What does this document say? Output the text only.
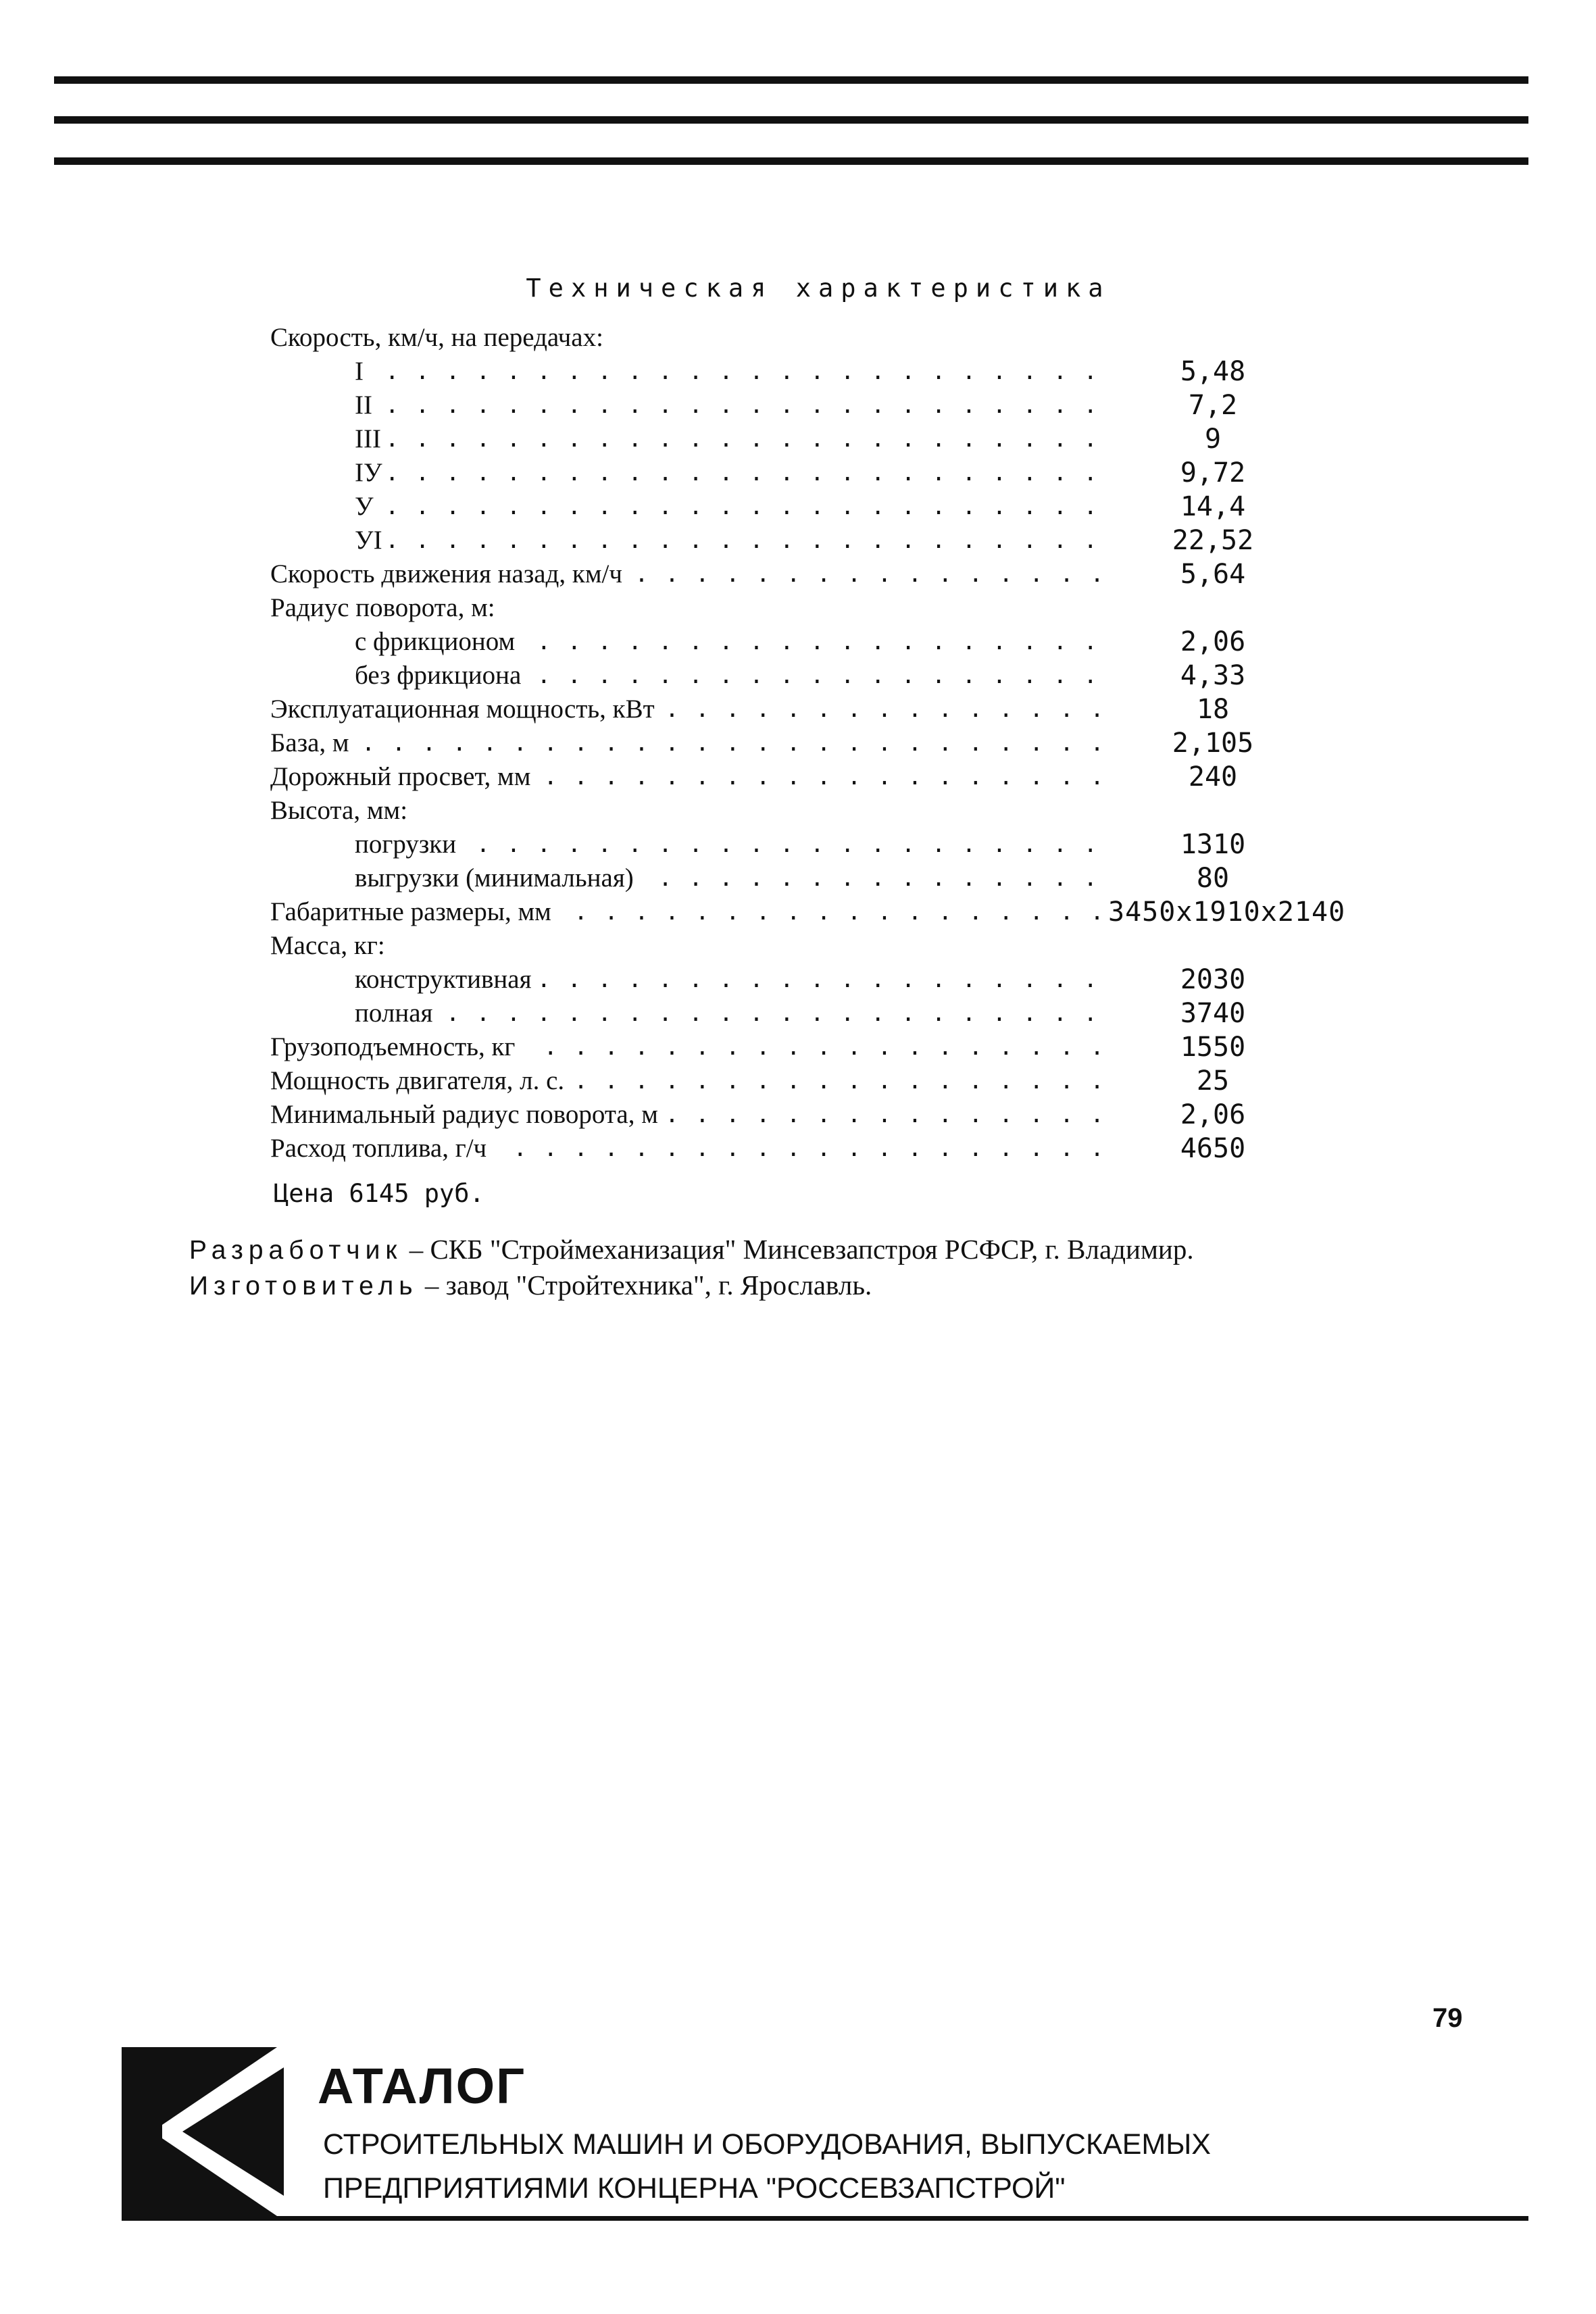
Техническая характеристика
Скорость, км/ч, на передачах:
I . . .	5,48
II . . .	7,2
III . . .	9
IУ . . .	9,72
У . . .	14,4
УI . . .	22,52
Скорость движения назад, км/ч . . .	5,64
Радиус поворота, м:
с фрикционом . . .	2,06
без фрикциона . . .	4,33
Эксплуатационная мощность, кВт . . .	18
База, м . . .	2,105
Дорожный просвет, мм . . .	240
Высота, мм:
погрузки . . .	1310
выгрузки (минимальная) . . .	80
Габаритные размеры, мм . . .	3450x1910x2140
Масса, кг:
конструктивная . . .	2030
полная . . .	3740
Грузоподъемность, кг . . .	1550
Мощность двигателя, л. с. . . .	25
Минимальный радиус поворота, м . . .	2,06
Расход топлива, г/ч . . .	4650
Цена 6145 руб.
Разработчик – СКБ "Строймеханизация" Минсевзапстроя РСФСР, г. Владимир.
Изготовитель – завод "Стройтехника", г. Ярославль.
79
АТАЛОГ
СТРОИТЕЛЬНЫХ МАШИН И ОБОРУДОВАНИЯ, ВЫПУСКАЕМЫХ
ПРЕДПРИЯТИЯМИ КОНЦЕРНА "РОССЕВЗАПСТРОЙ"
